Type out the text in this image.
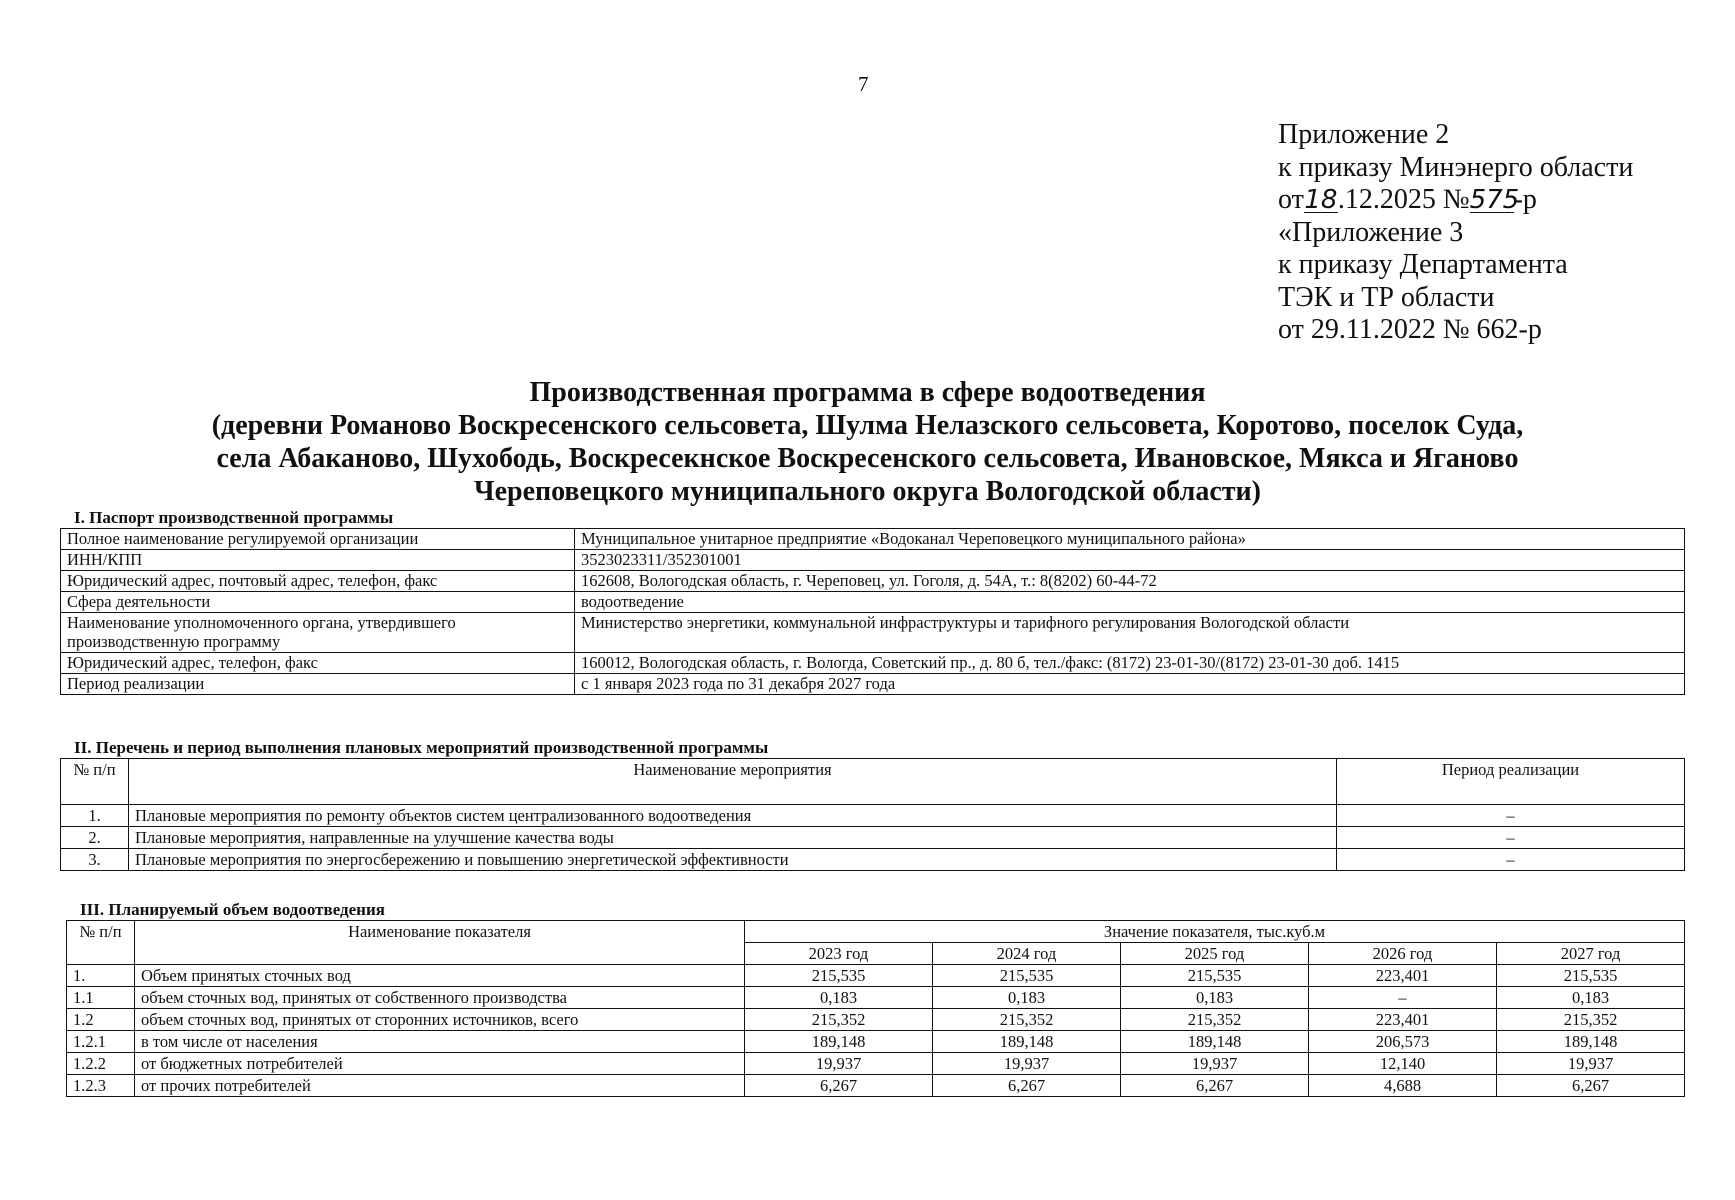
7
Приложение 2
к приказу Минэнерго области
от18.12.2025 №575-р
«Приложение 3
к приказу Департамента
ТЭК и ТР области
от 29.11.2022 № 662-р
Производственная программа в сфере водоотведения
(деревни Романово Воскресенского сельсовета, Шулма Нелазского сельсовета, Коротово, поселок Суда,
села Абаканово, Шухободь, Воскресекнское Воскресенского сельсовета, Ивановское, Мякса и Ягановo
Череповецкого муниципального округа Вологодской области)
I. Паспорт производственной программы
Полное наименование регулируемой организации	Муниципальное унитарное предприятие «Водоканал Череповецкого муниципального района»
ИНН/КПП	3523023311/352301001
Юридический адрес, почтовый адрес, телефон, факс	162608, Вологодская область, г. Череповец, ул. Гоголя, д. 54А, т.: 8(8202) 60-44-72
Сфера деятельности	водоотведение
Наименование уполномоченного органа, утвердившего производственную программу	Министерство энергетики, коммунальной инфраструктуры и тарифного регулирования Вологодской области
Юридический адрес, телефон, факс	160012, Вологодская область, г. Вологда, Советский пр., д. 80 б, тел./факс: (8172) 23-01-30/(8172) 23-01-30 доб. 1415
Период реализации	с 1 января 2023 года по 31 декабря 2027 года
II. Перечень и период выполнения плановых мероприятий производственной программы
№ п/п	Наименование мероприятия	Период реализации
1.	Плановые мероприятия по ремонту объектов систем централизованного водоотведения	–
2.	Плановые мероприятия, направленные на улучшение качества воды	–
3.	Плановые мероприятия по энергосбережению и повышению энергетической эффективности	–
III. Планируемый объем водоотведения
№ п/п	Наименование показателя	Значение показателя, тыс.куб.м				
		2023 год	2024 год	2025 год	2026 год	2027 год
1.	Объем принятых сточных вод	215,535	215,535	215,535	223,401	215,535
1.1	объем сточных вод, принятых от собственного производства	0,183	0,183	0,183	–	0,183
1.2	объем сточных вод, принятых от сторонних источников, всего	215,352	215,352	215,352	223,401	215,352
1.2.1	в том числе от населения	189,148	189,148	189,148	206,573	189,148
1.2.2	от бюджетных потребителей	19,937	19,937	19,937	12,140	19,937
1.2.3	от прочих потребителей	6,267	6,267	6,267	4,688	6,267
